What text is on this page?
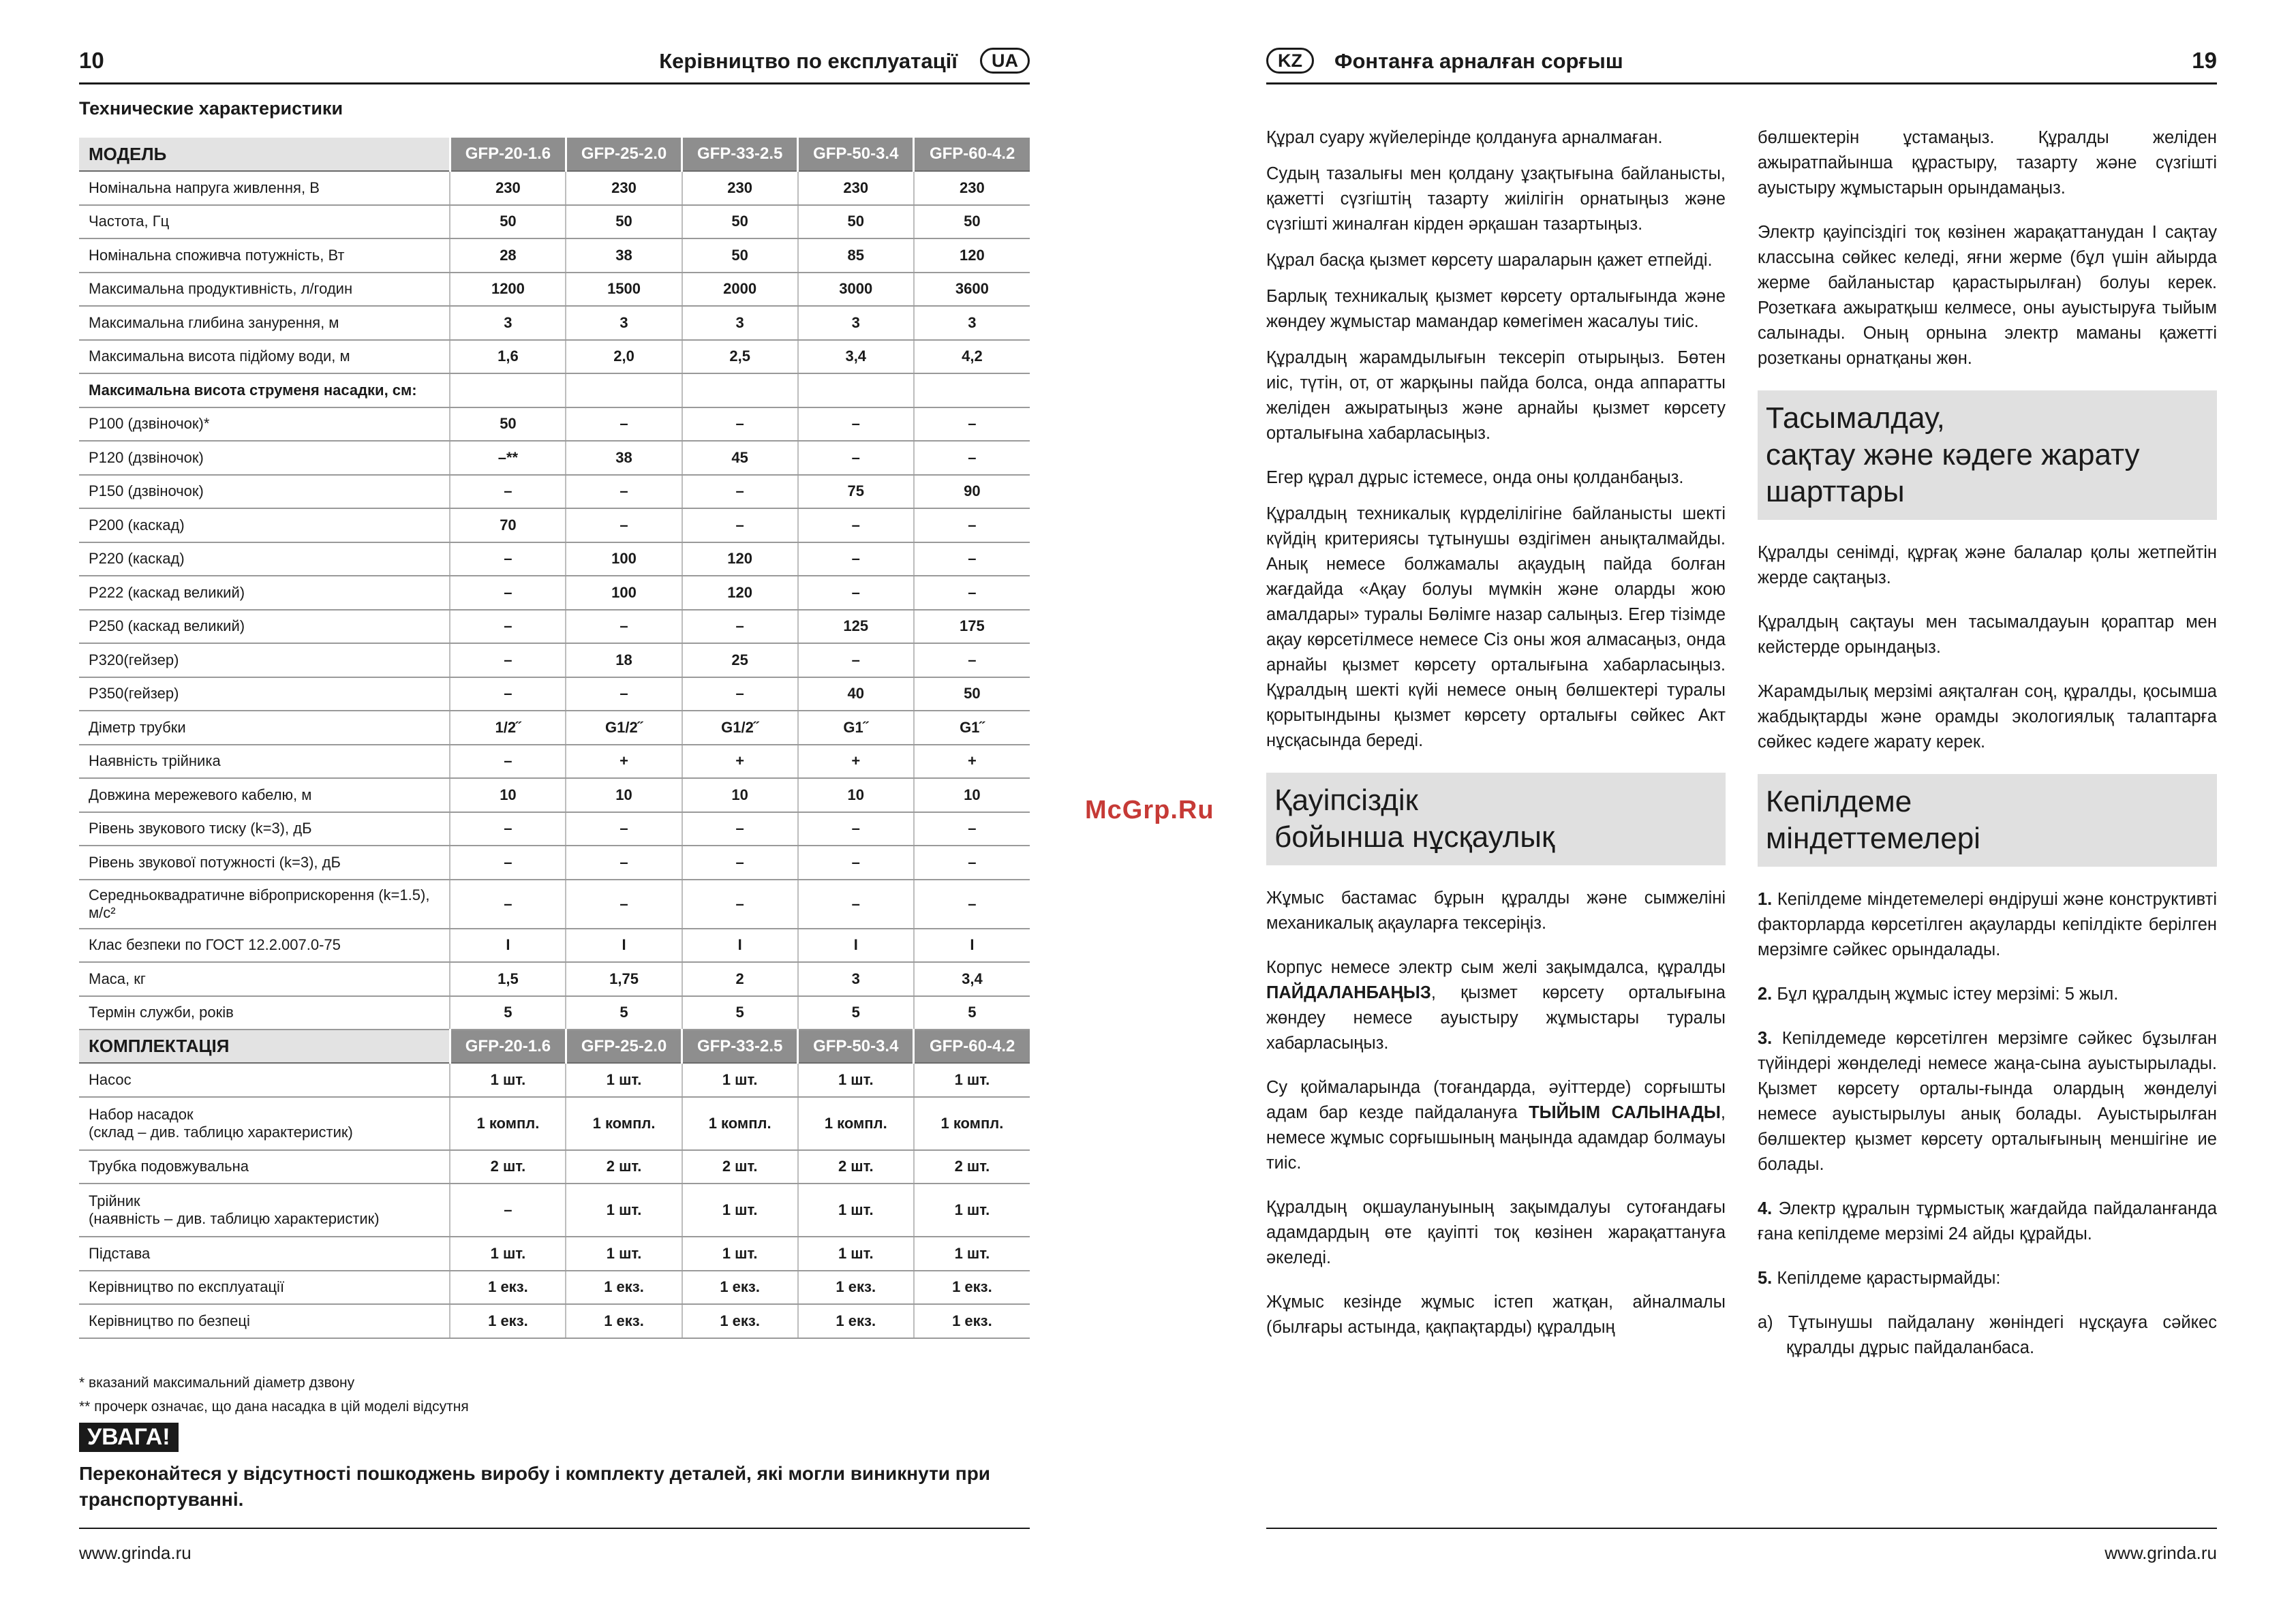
10	Керівництво по експлуатації	UA
Технические характеристики
МОДЕЛЬ	GFP-20-1.6	GFP-25-2.0	GFP-33-2.5	GFP-50-3.4	GFP-60-4.2
Номінальна напруга живлення, В	230	230	230	230	230
Частота, Гц	50	50	50	50	50
Номінальна споживча потужність, Вт	28	38	50	85	120
Максимальна продуктивність, л/годин	1200	1500	2000	3000	3600
Максимальна глибина занурення, м	3	3	3	3	3
Максимальна висота підйому води, м	1,6	2,0	2,5	3,4	4,2
Максимальна висота струменя насадки, см:					
P100 (дзвіночок)*	50	–	–	–	–
P120 (дзвіночок)	–**	38	45	–	–
P150 (дзвіночок)	–	–	–	75	90
P200 (каскад)	70	–	–	–	–
P220 (каскад)	–	100	120	–	–
P222 (каскад великий)	–	100	120	–	–
P250 (каскад великий)	–	–	–	125	175
P320(гейзер)	–	18	25	–	–
P350(гейзер)	–	–	–	40	50
Діметр трубки	1/2˝	G1/2˝	G1/2˝	G1˝	G1˝
Наявність трійника	–	+	+	+	+
Довжина мережевого кабелю, м	10	10	10	10	10
Рівень звукового тиску (k=3), дБ	–	–	–	–	–
Рівень звукової потужності (k=3), дБ	–	–	–	–	–
Середньоквадратичне віброприскорення (k=1.5), м/с²	–	–	–	–	–
Клас безпеки по ГОСТ 12.2.007.0-75	I	I	I	I	I
Маса, кг	1,5	1,75	2	3	3,4
Термін служби, років	5	5	5	5	5
КОМПЛЕКТАЦІЯ	GFP-20-1.6	GFP-25-2.0	GFP-33-2.5	GFP-50-3.4	GFP-60-4.2
Насос	1 шт.	1 шт.	1 шт.	1 шт.	1 шт.

Набор насадок
(склад – див. таблицю характеристик)	1 компл.	1 компл.	1 компл.	1 компл.	1 компл.
Трубка подовжувальна	2 шт.	2 шт.	2 шт.	2 шт.	2 шт.

Трійник
(наявність – див. таблицю характеристик)	–	1 шт.	1 шт.	1 шт.	1 шт.
Підстава	1 шт.	1 шт.	1 шт.	1 шт.	1 шт.
Керівництво по експлуатації	1 екз.	1 екз.	1 екз.	1 екз.	1 екз.
Керівництво по безпеці	1 екз.	1 екз.	1 екз.	1 екз.	1 екз.
* вказаний максимальний діаметр дзвону
** прочерк означає, що дана насадка в цій моделі відсутня
УВАГА!
Переконайтеся у відсутності пошкоджень виробу і комплекту деталей, які могли виникнути при транспортуванні.
www.grinda.ru
McGrp.Ru
KZ	Фонтанға арналған сорғыш	19

Құрал суару жүйелерінде қолдануға арналмаған.

Судың тазалығы мен қолдану ұзақтығына байланысты, қажетті сүзгіштің тазарту жиілігін орнатыңыз және сүзгішті жиналған кірден әрқашан тазартыңыз.

Құрал басқа қызмет көрсету шараларын қажет етпейді.

Барлық техникалық қызмет көрсету орталығында және жөндеу жұмыстар мамандар көмегімен жасалуы тиіс.

Құралдың жарамдылығын тексеріп отырыңыз. Бөтен иіс, түтін, от, от жарқыны пайда болса, онда аппаратты желіден ажыратыңыз және арнайы қызмет көрсету орталығына хабарласыңыз.

Егер құрал дұрыс істемесе, онда оны қолданбаңыз.

Құралдың техникалық күрделілігіне байланысты шекті күйдің критериясы тұтынушы өздігімен анықталмайды. Анық немесе болжамалы ақаудың пайда болған жағдайда «Ақау болуы мүмкін және оларды жою амалдары» туралы Бөлімге назар салыңыз. Егер тізімде ақау көрсетілмесе немесе Сіз оны жоя алмасаңыз, онда арнайы қызмет көрсету орталығына хабарласыңыз. Құралдың шекті күйі немесе оның бөлшектері туралы қорытындыны қызмет көрсету орталығы сөйкес Акт нұсқасында береді.

Қауіпсіздік
бойынша нұсқаулық

Жұмыс бастамас бұрын құралды және сымжеліні механикалық ақауларға тексеріңіз.

Корпус немесе электр сым желі зақымдалса, құралды ПАЙДАЛАНБАҢЫЗ, қызмет көрсету орталығына жөндеу немесе ауыстыру жұмыстары туралы хабарласыңыз.

Су қоймаларында (тоғандарда, әуіттерде) сорғышты адам бар кезде пайдалануға ТЫЙЫМ САЛЫНАДЫ, немесе жұмыс сорғышының маңында адамдар болмауы тиіс.

Құралдың оқшаулануының зақымдалуы сутоғандағы адамдардың өте қауіпті тоқ көзінен жарақаттануға әкеледі.

Жұмыс кезінде жұмыс істеп жатқан, айналмалы (былғары астында, қақпақтарды) құралдың

бөлшектерін ұстамаңыз. Құралды желіден ажыратпайынша құрастыру, тазарту және сүзгішті ауыстыру жұмыстарын орындамаңыз.

Электр қауіпсіздігі тоқ көзінен жарақаттанудан I сақтау классына сөйкес келеді, яғни жерме (бұл үшін айырда жерме байланыстар қарастырылған) болуы керек. Розеткаға ажыратқыш келмесе, оны ауыстыруға тыйым салынады. Оның орнына электр маманы қажетті розетканы орнатқаны жөн.

Тасымалдау,
сақтау және кәдеге жарату
шарттары

Құралды сенімді, құрғақ және балалар қолы жетпейтін жерде сақтаңыз.

Құралдың сақтауы мен тасымалдауын қораптар мен кейстерде орындаңыз.

Жарамдылық мерзімі аяқталған соң, құралды, қосымша жабдықтарды және орамды экологиялық талаптарға сөйкес кәдеге жарату керек.

Кепілдеме
міндеттемелері

1. Кепілдеме міндетемелері өндіруші және конструктивті факторларда көрсетілген ақауларды кепілдікте берілген мерзімге сәйкес орындалады.

2. Бұл құралдың жұмыс істеу мерзімі: 5 жыл.

3. Кепілдемеде көрсетілген мерзімге сәйкес бұзылған түйіндері жөнделеді немесе жаңа-сына ауыстырылады. Қызмет көрсету орталы-ғында олардың жөнделуі немесе ауыстырылуы анық болады. Ауыстырылған бөлшектер қызмет көрсету орталығының меншігіне ие болады.

4. Электр құралын тұрмыстық жағдайда пайдаланғанда ғана кепілдеме мерзімі 24 айды құрайды.

5. Кепілдеме қарастырмайды:

а) Тұтынушы пайдалану жөніндегі нұсқауға сәйкес құралды дұрыс пайдаланбаса.

www.grinda.ru
